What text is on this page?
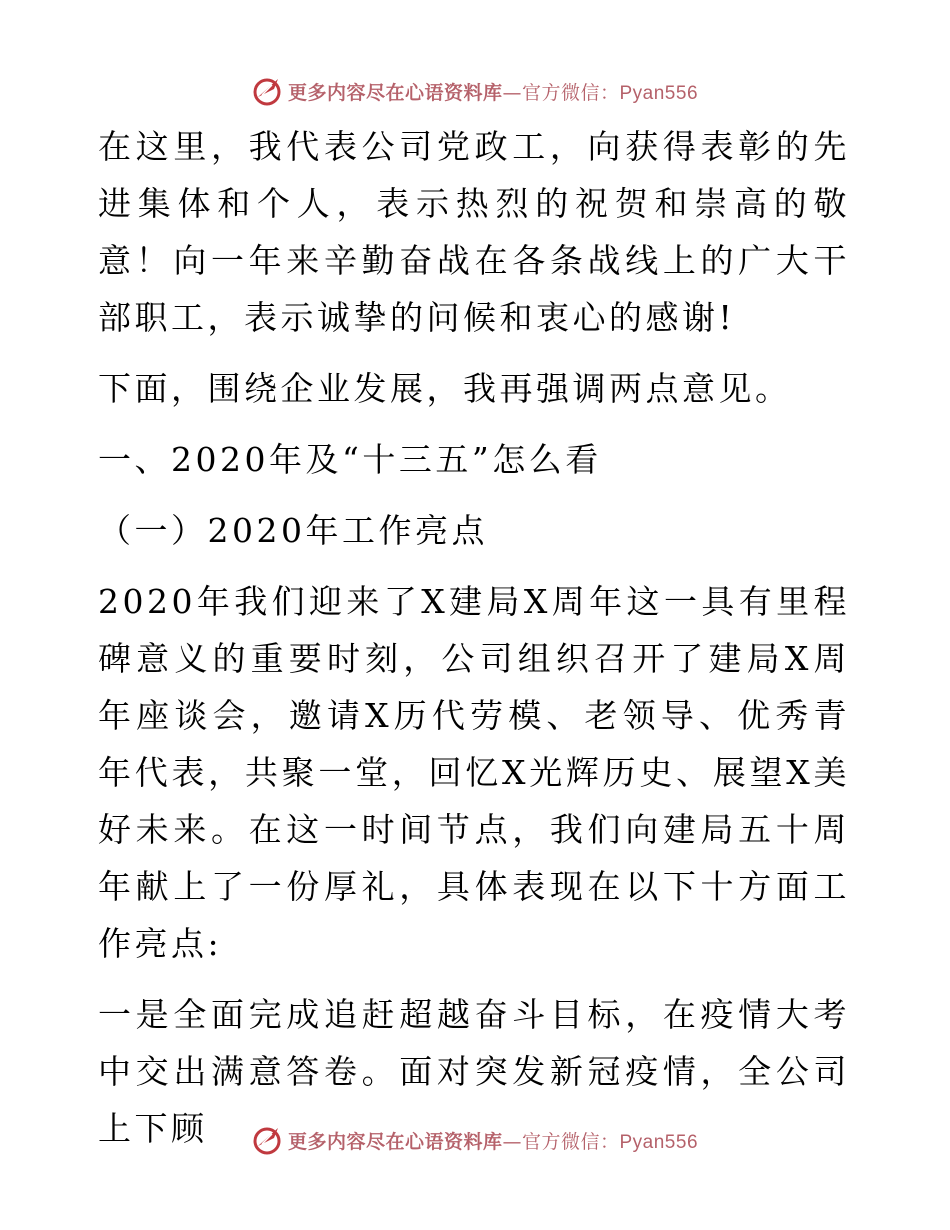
更多内容尽在心语资料库—官方微信：Pyan556

在这里，我代表公司党政工，向获得表彰的先进集体和个人，表示热烈的祝贺和崇高的敬意！向一年来辛勤奋战在各条战线上的广大干部职工，表示诚挚的问候和衷心的感谢!

下面，围绕企业发展，我再强调两点意见。

一、2020年及“十三五”怎么看

（一）2020年工作亮点

2020年我们迎来了X建局X周年这一具有里程碑意义的重要时刻，公司组织召开了建局X周年座谈会，邀请X历代劳模、老领导、优秀青年代表，共聚一堂，回忆X光辉历史、展望X美好未来。在这一时间节点，我们向建局五十周年献上了一份厚礼，具体表现在以下十方面工作亮点:

一是全面完成追赶超越奋斗目标，在疫情大考中交出满意答卷。面对突发新冠疫情，全公司上下顾	更多内容尽在心语资料库—官方微信：Pyan556
